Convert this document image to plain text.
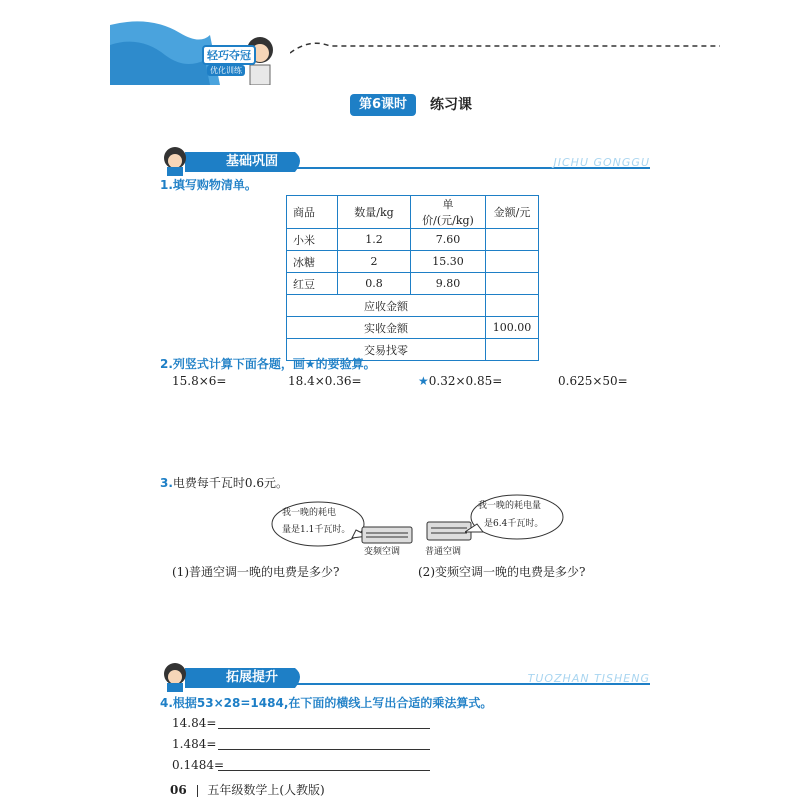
轻巧夺冠
优化训练
第6课时	练习课
基础巩固	JICHU GONGGU
1.填写购物清单。
商品	数量/kg	单价/(元/kg)	金额/元
小米	1.2	7.60	
冰糖	2	15.30	
红豆	0.8	9.80	
应收金额			
实收金额			100.00
交易找零			
2.列竖式计算下面各题，画★的要验算。
15.8×6=	18.4×0.36=	★0.32×0.85=	0.625×50=
3.电费每千瓦时0.6元。
我一晚的耗电
量是1.1千瓦时。
变频空调	普通空调
我一晚的耗电量
是6.4千瓦时。
(1)普通空调一晚的电费是多少?	(2)变频空调一晚的电费是多少?
拓展提升	TUOZHAN TISHENG
4.根据53×28=1484,在下面的横线上写出合适的乘法算式。
14.84=
1.484=
0.1484=
06 五年级数学上(人教版)
